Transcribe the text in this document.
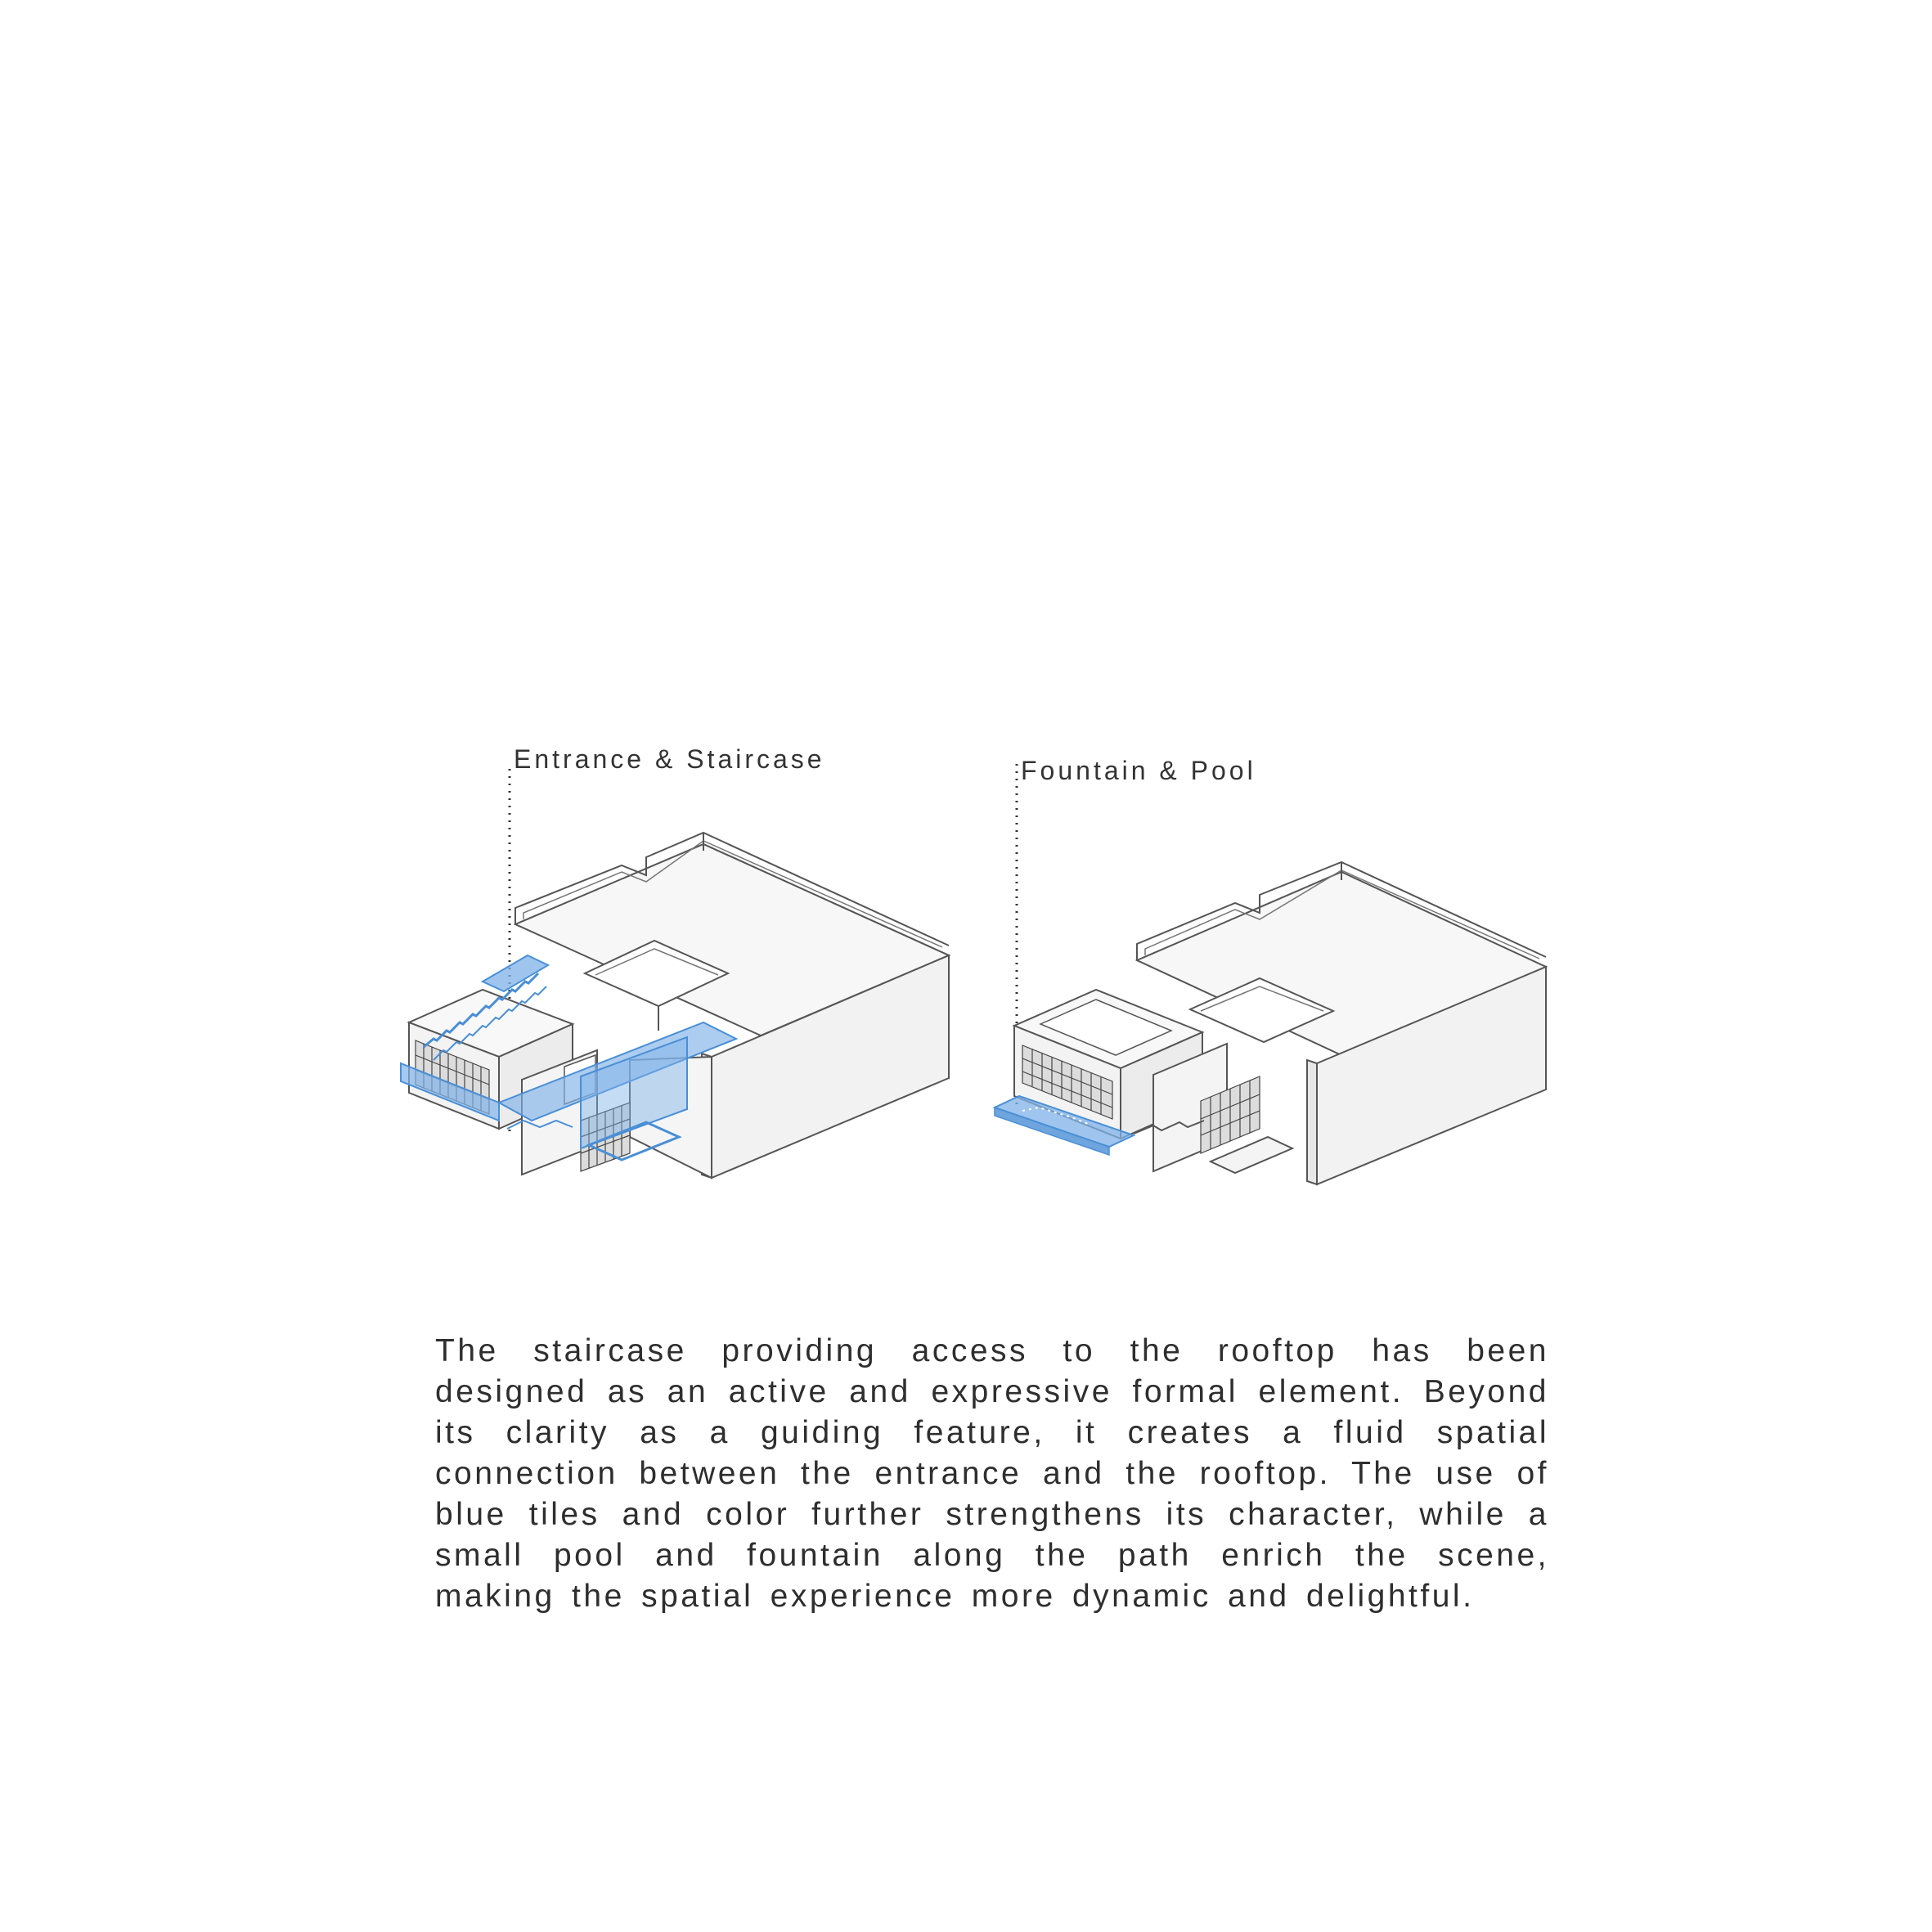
Entrance & Staircase	Fountain & Pool

The staircase providing access to the rooftop has been designed as an active and expressive formal element. Beyond its clarity as a guiding feature, it creates a fluid spatial connection between the entrance and the rooftop. The use of blue tiles and color further strengthens its character, while a small pool and fountain along the path enrich the scene, making the spatial experience more dynamic and delightful.
